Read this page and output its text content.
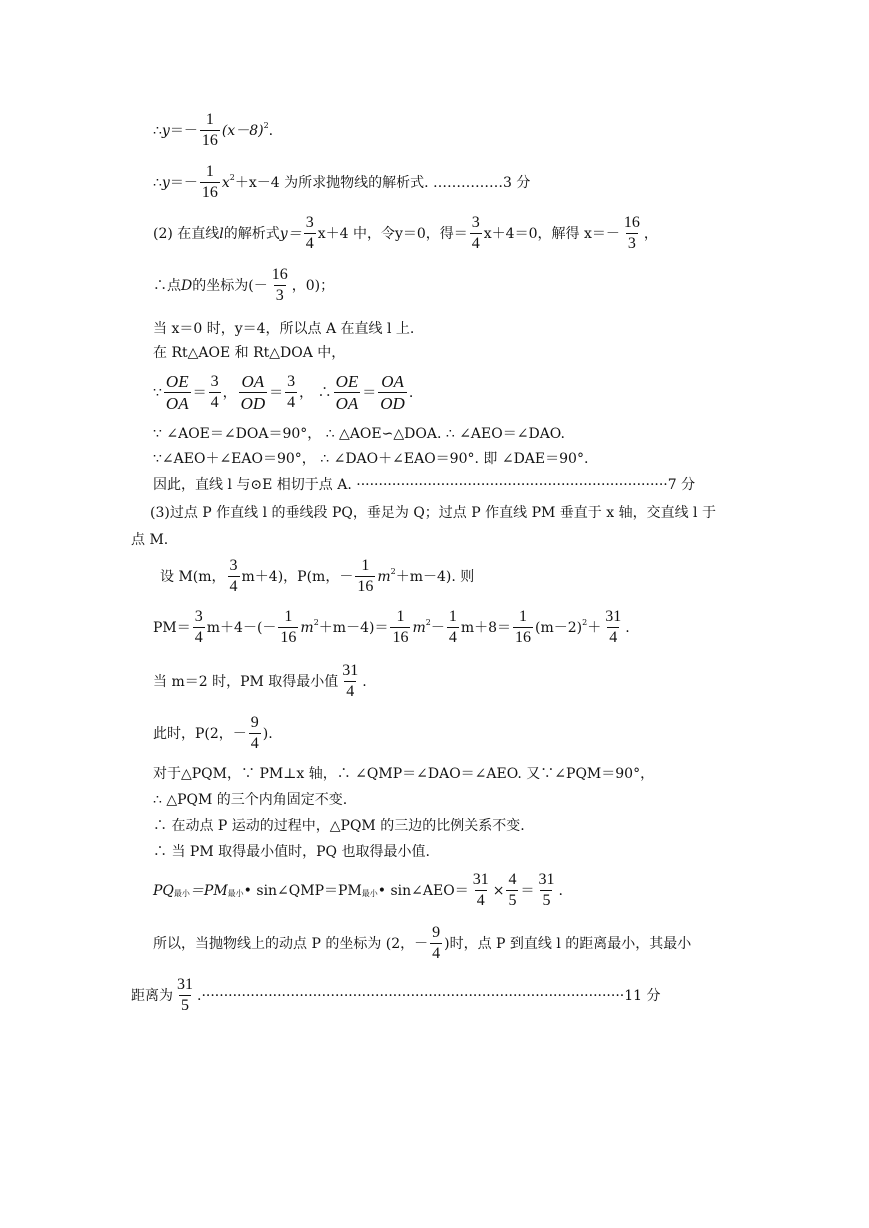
∴ $y =- \frac{1}{16} (x-8)^2$ .
∴ $y =- \frac{1}{16} x^2 +x-4$ 为所求抛物线的解析式. ……………3 分
(2) 在直线 l 的解析式 $y= \frac{3}{4} x+4$ 中，令 y＝0，得＝ $\frac{3}{4} x+4=0$，解得 $x=- \frac{16}{3}$ ，
∴点 D 的坐标为(－ $\frac{16}{3}$ ，0)；
当 x＝0 时，y＝4，所以点 A 在直线 l 上.
在 Rt△AOE 和 Rt△DOA 中，
∵ $\frac{OE}{OA} = \frac{3}{4}$ ， $\frac{OA}{OD} = \frac{3}{4}$ ， ∴ $\frac{OE}{OA} = \frac{OA}{OD}$ .
∵ ∠AOE＝∠DOA＝90°， ∴ △AOE∽△DOA. ∴ ∠AEO＝∠DAO.
∵∠AEO＋∠EAO＝90°， ∴ ∠DAO＋∠EAO＝90°. 即 ∠DAE＝90°.
因此，直线 l 与⊙E 相切于点 A. ······································································7 分
(3)过点 P 作直线 l 的垂线段 PQ，垂足为 Q；过点 P 作直线 PM 垂直于 x 轴，交直线 l 于
点 M.
设 M(m， $\frac{3}{4} m+4$)，P(m，－ $\frac{1}{16} m^2 +m-4$). 则
$PM= \frac{3}{4} m+4-(- \frac{1}{16} m^2 +m-4)= \frac{1}{16} m^2 - \frac{1}{4} m+8= \frac{1}{16} (m-2)^2 + \frac{31}{4}$ .
当 m＝2 时，PM 取得最小值 $\frac{31}{4}$ .
此时，P(2，－ $\frac{9}{4}$ ).
对于△PQM，∵ PM⊥x 轴，∴ ∠QMP＝∠DAO＝∠AEO. 又∵∠PQM＝90°，
∴ △PQM 的三个内角固定不变.
∴ 在动点 P 运动的过程中，△PQM 的三边的比例关系不变.
∴ 当 PM 取得最小值时，PQ 也取得最小值.
$PQ_{最小} =PM_{最小}$ • $\sin\angle QMP=PM_{最小}$ • sin∠AEO＝ $\frac{31}{4} \times \frac{4}{5} = \frac{31}{5}$ .
所以，当抛物线上的动点 P 的坐标为 (2，－ $\frac{9}{4}$ )时，点 P 到直线 l 的距离最小，其最小
距离为 $\frac{31}{5} .\cdot\cdot\cdot\cdot\cdot\cdot\cdot\cdot\cdot\cdot\cdot\cdot\cdot\cdot\cdot\cdot\cdot\cdot\cdot\cdot\cdot\cdot\cdot\cdot\cdot\cdot\cdot\cdot\cdot\cdot\cdot\cdot\cdot\cdot\cdot\cdot\cdot\cdot\cdot\cdot\cdot\cdot\cdot\cdot\cdot\cdot\cdot\cdot\cdot\cdot\cdot\cdot\cdot\cdot\cdot\cdot\cdot\cdot\cdot\cdot\cdot\cdot\cdot\cdot\cdot\cdot\cdot\cdot\cdot\cdot\cdot\cdot\cdot\cdot\cdot\cdot\cdot\cdot\cdot\cdot\cdot\cdot\cdot\cdot\cdot\cdot\cdot\cdot\cdot\cdot\cdot\cdot\cdot\cdot\cdot 11$ 分
